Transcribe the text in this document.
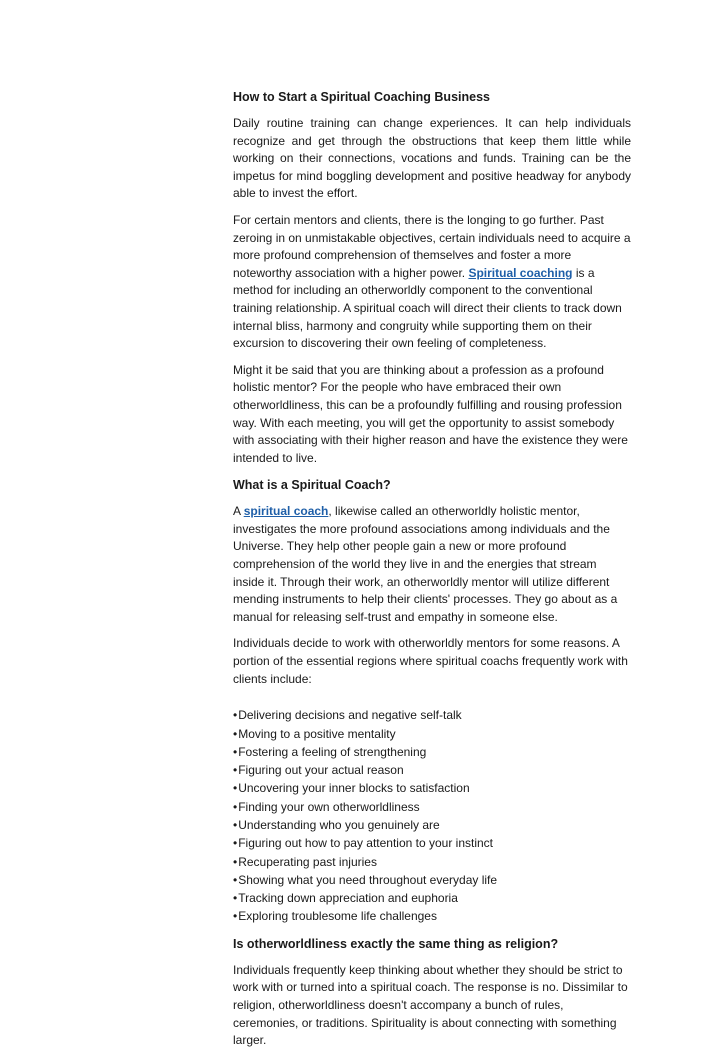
How to Start a Spiritual Coaching Business

Daily routine training can change experiences. It can help individuals recognize and get through the obstructions that keep them little while working on their connections, vocations and funds. Training can be the impetus for mind boggling development and positive headway for anybody able to invest the effort.

For certain mentors and clients, there is the longing to go further. Past zeroing in on unmistakable objectives, certain individuals need to acquire a more profound comprehension of themselves and foster a more noteworthy association with a higher power. Spiritual coaching is a method for including an otherworldly component to the conventional training relationship. A spiritual coach will direct their clients to track down internal bliss, harmony and congruity while supporting them on their excursion to discovering their own feeling of completeness.

Might it be said that you are thinking about a profession as a profound holistic mentor? For the people who have embraced their own otherworldliness, this can be a profoundly fulfilling and rousing profession way. With each meeting, you will get the opportunity to assist somebody with associating with their higher reason and have the existence they were intended to live.

What is a Spiritual Coach?

A spiritual coach, likewise called an otherworldly holistic mentor, investigates the more profound associations among individuals and the Universe. They help other people gain a new or more profound comprehension of the world they live in and the energies that stream inside it. Through their work, an otherworldly mentor will utilize different mending instruments to help their clients' processes. They go about as a manual for releasing self-trust and empathy in someone else.

Individuals decide to work with otherworldly mentors for some reasons. A portion of the essential regions where spiritual coachs frequently work with clients include:

•Delivering decisions and negative self-talk
•Moving to a positive mentality
•Fostering a feeling of strengthening
•Figuring out your actual reason
•Uncovering your inner blocks to satisfaction
•Finding your own otherworldliness
•Understanding who you genuinely are
•Figuring out how to pay attention to your instinct
•Recuperating past injuries
•Showing what you need throughout everyday life
•Tracking down appreciation and euphoria
•Exploring troublesome life challenges
Is otherworldliness exactly the same thing as religion?

Individuals frequently keep thinking about whether they should be strict to work with or turned into a spiritual coach. The response is no. Dissimilar to religion, otherworldliness doesn't accompany a bunch of rules, ceremonies, or traditions. Spirituality is about connecting with something larger.
